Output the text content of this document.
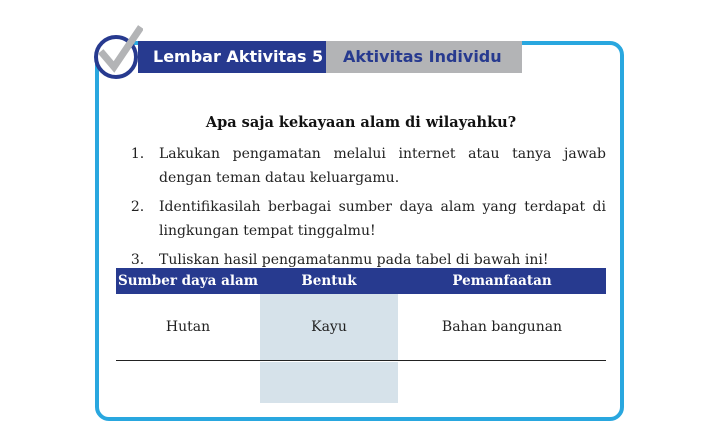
Lembar Aktivitas 5	Aktivitas Individu
Apa saja kekayaan alam di wilayahku?
1.	Lakukan pengamatan melalui internet atau tanya jawab dengan teman datau keluargamu.
2.	Identifikasilah berbagai sumber daya alam yang terdapat di lingkungan tempat tinggalmu!
3.	Tuliskan hasil pengamatanmu pada tabel di bawah ini!
Sumber daya alam	Bentuk	Pemanfaatan
Hutan	Kayu	Bahan bangunan
